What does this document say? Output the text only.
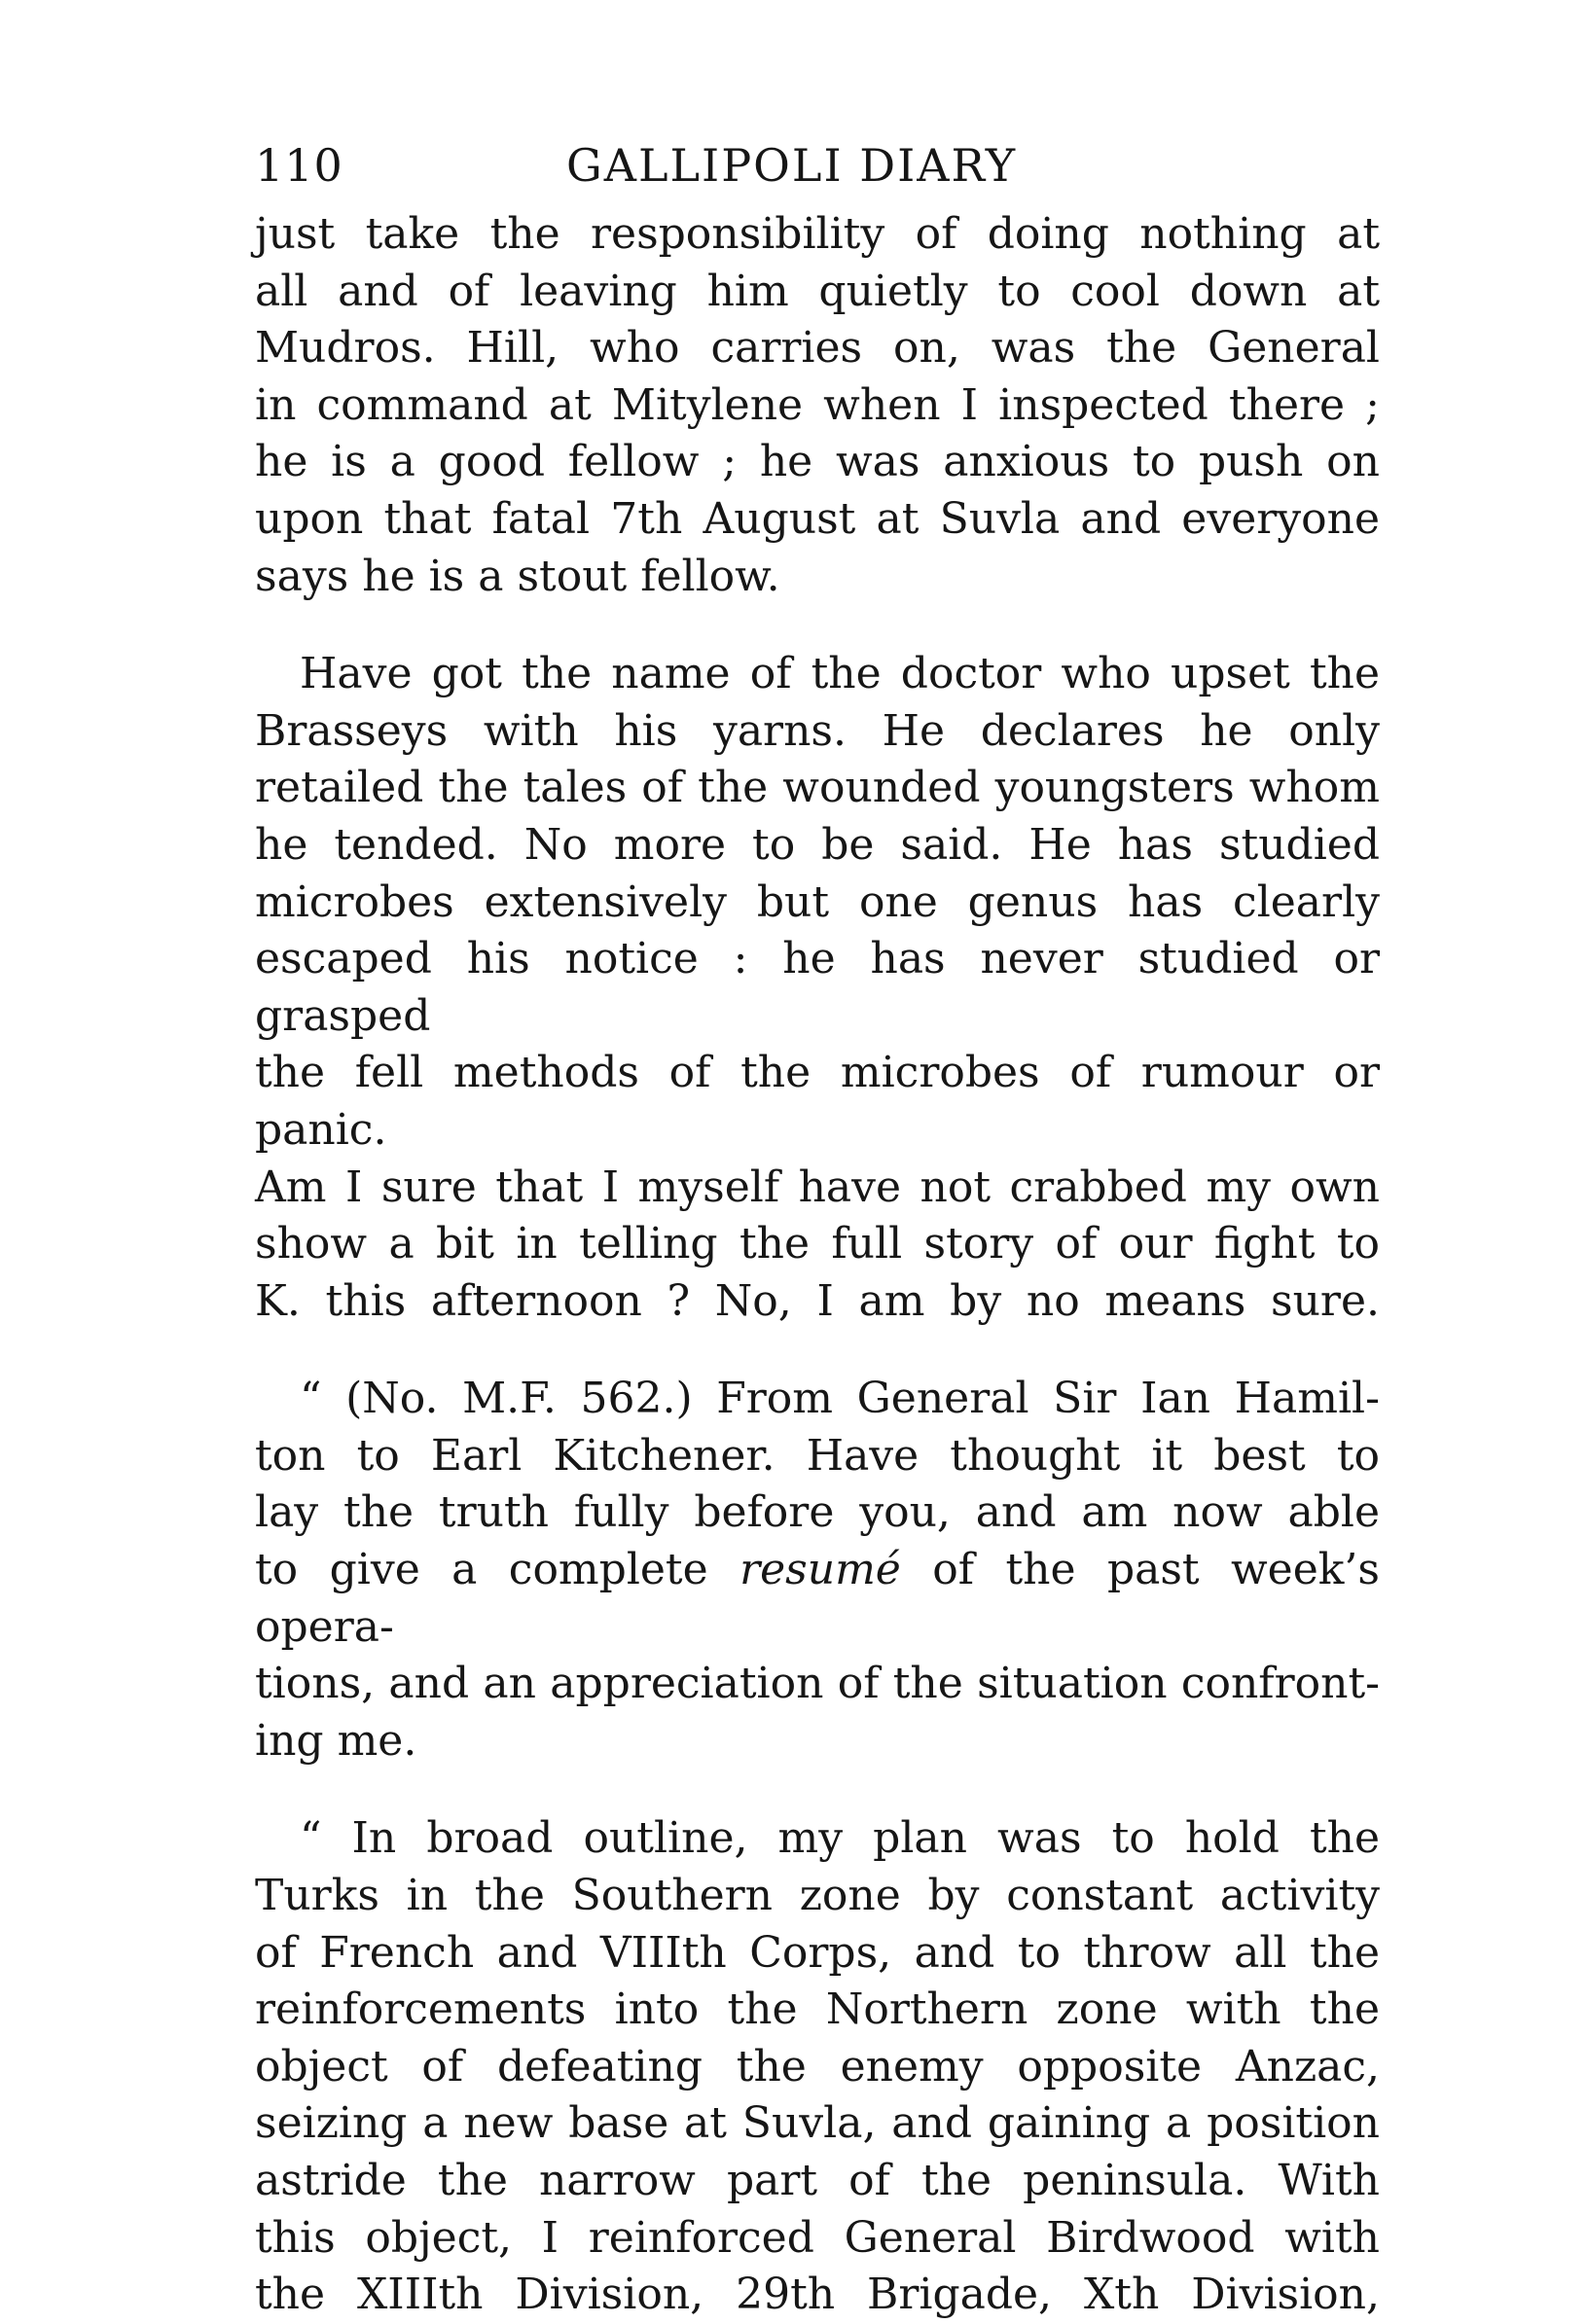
110	GALLIPOLI DIARY

just take the responsibility of doing nothing at

all and of leaving him quietly to cool down at

Mudros. Hill, who carries on, was the General

in command at Mitylene when I inspected there ;

he is a good fellow ; he was anxious to push on

upon that fatal 7th August at Suvla and everyone

says he is a stout fellow.

Have got the name of the doctor who upset the

Brasseys with his yarns. He declares he only

retailed the tales of the wounded youngsters whom

he tended. No more to be said. He has studied

microbes extensively but one genus has clearly

escaped his notice : he has never studied or grasped

the fell methods of the microbes of rumour or panic.

Am I sure that I myself have not crabbed my own

show a bit in telling the full story of our fight to

K. this afternoon ? No, I am by no means sure.

“ (No. M.F. 562.) From General Sir Ian Hamil-

ton to Earl Kitchener. Have thought it best to

lay the truth fully before you, and am now able

to give a complete resumé of the past week’s opera-

tions, and an appreciation of the situation confront-

ing me.

“ In broad outline, my plan was to hold the

Turks in the Southern zone by constant activity

of French and VIIIth Corps, and to throw all the

reinforcements into the Northern zone with the

object of defeating the enemy opposite Anzac,

seizing a new base at Suvla, and gaining a position

astride the narrow part of the peninsula. With

this object, I reinforced General Birdwood with

the XIIIth Division, 29th Brigade, Xth Division,
